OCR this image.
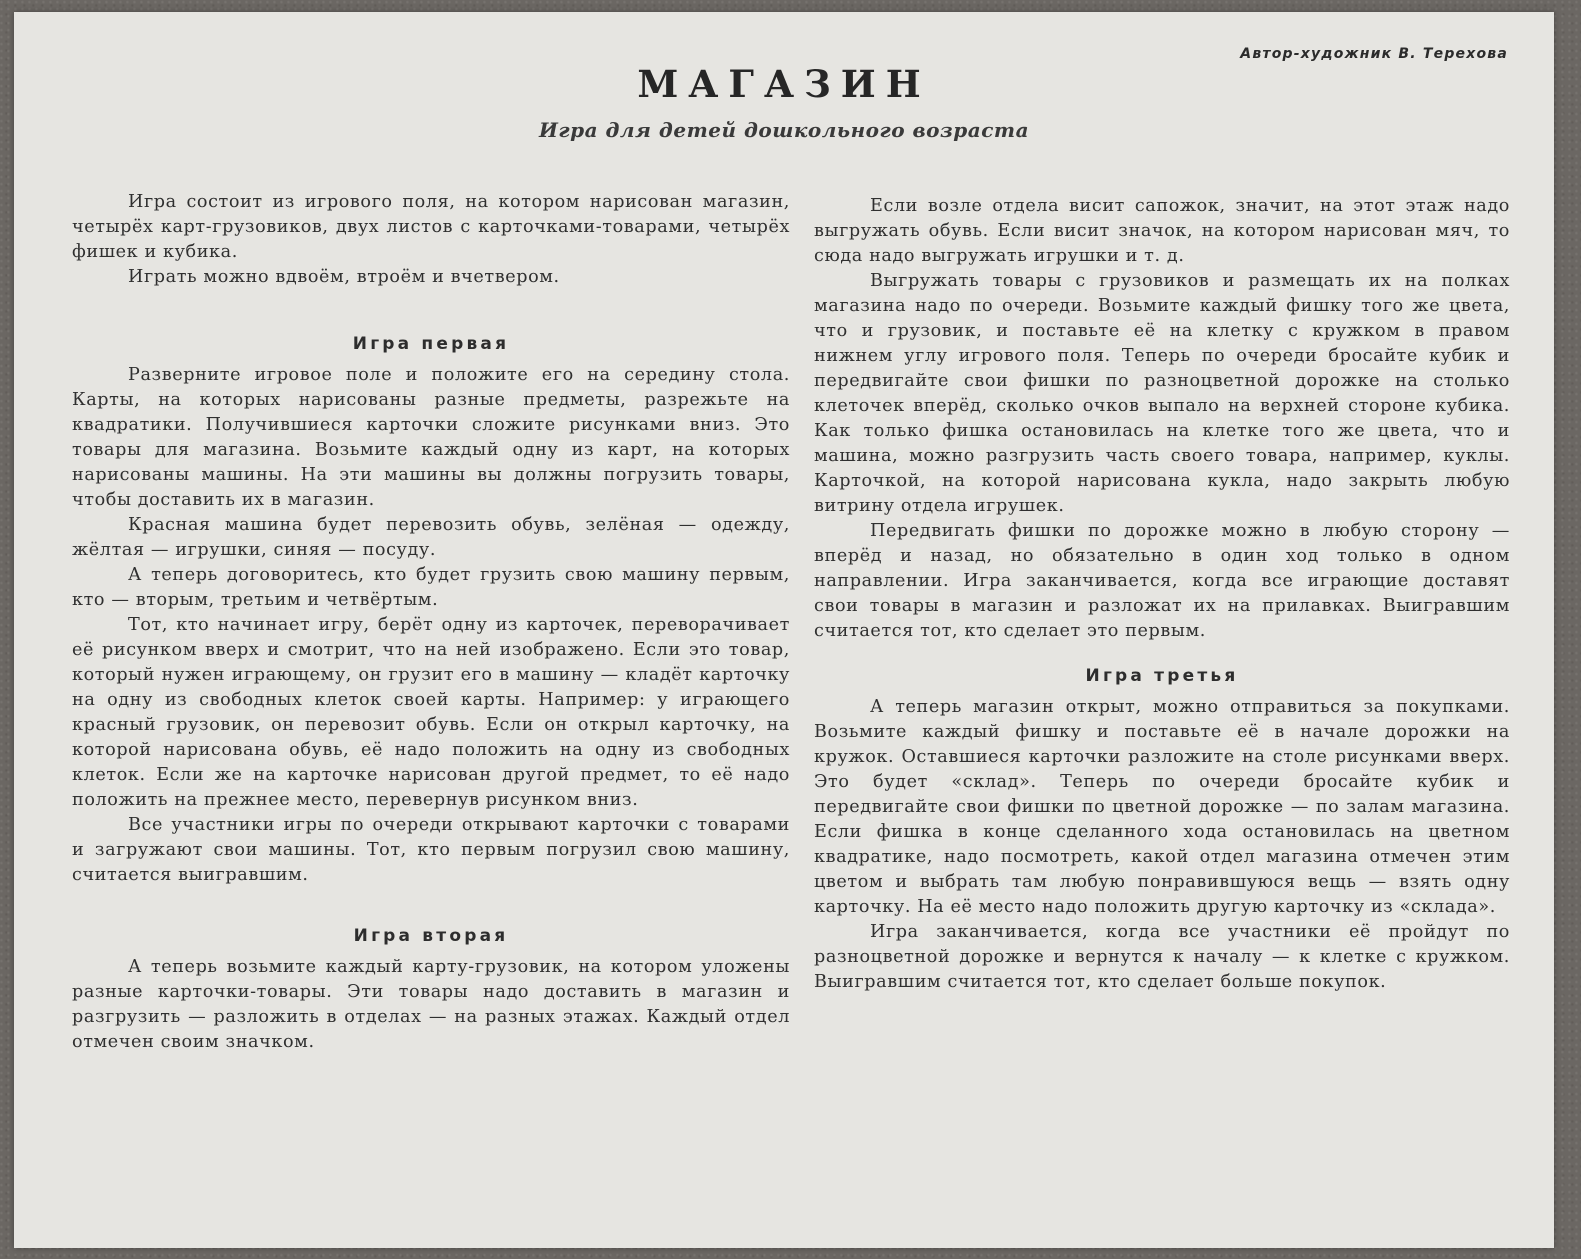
Автор-художник В. Терехова
МАГАЗИН
Игра для детей дошкольного возраста

Игра состоит из игрового поля, на котором нарисован магазин, четырёх карт-грузовиков, двух листов с карточками-товарами, четырёх фишек и кубика.

Играть можно вдвоём, втроём и вчетвером.

Игра первая

Разверните игровое поле и положите его на середину стола. Карты, на которых нарисованы разные предметы, разрежьте на квадратики. Получившиеся карточки сложите рисунками вниз. Это товары для магазина. Возьмите каждый одну из карт, на которых нарисованы машины. На эти машины вы должны погрузить товары, чтобы доставить их в магазин.

Красная машина будет перевозить обувь, зелёная — одежду, жёлтая — игрушки, синяя — посуду.

А теперь договоритесь, кто будет грузить свою машину первым, кто — вторым, третьим и четвёртым.

Тот, кто начинает игру, берёт одну из карточек, переворачивает её рисунком вверх и смотрит, что на ней изображено. Если это товар, который нужен играющему, он грузит его в машину — кладёт карточку на одну из свободных клеток своей карты. Например: у играющего красный грузовик, он перевозит обувь. Если он открыл карточку, на которой нарисована обувь, её надо положить на одну из свободных клеток. Если же на карточке нарисован другой предмет, то её надо положить на прежнее место, перевернув рисунком вниз.

Все участники игры по очереди открывают карточки с товарами и загружают свои машины. Тот, кто первым погрузил свою машину, считается выигравшим.

Игра вторая

А теперь возьмите каждый карту-грузовик, на котором уложены разные карточки-товары. Эти товары надо доставить в магазин и разгрузить — разложить в отделах — на разных этажах. Каждый отдел отмечен своим значком.

Если возле отдела висит сапожок, значит, на этот этаж надо выгружать обувь. Если висит значок, на котором нарисован мяч, то сюда надо выгружать игрушки и т. д.

Выгружать товары с грузовиков и размещать их на полках магазина надо по очереди. Возьмите каждый фишку того же цвета, что и грузовик, и поставьте её на клетку с кружком в правом нижнем углу игрового поля. Теперь по очереди бросайте кубик и передвигайте свои фишки по разноцветной дорожке на столько клеточек вперёд, сколько очков выпало на верхней стороне кубика. Как только фишка остановилась на клетке того же цвета, что и машина, можно разгрузить часть своего товара, например, куклы. Карточкой, на которой нарисована кукла, надо закрыть любую витрину отдела игрушек.

Передвигать фишки по дорожке можно в любую сторону — вперёд и назад, но обязательно в один ход только в одном направлении. Игра заканчивается, когда все играющие доставят свои товары в магазин и разложат их на прилавках. Выигравшим считается тот, кто сделает это первым.

Игра третья

А теперь магазин открыт, можно отправиться за покупками. Возьмите каждый фишку и поставьте её в начале дорожки на кружок. Оставшиеся карточки разложите на столе рисунками вверх. Это будет «склад». Теперь по очереди бросайте кубик и передвигайте свои фишки по цветной дорожке — по залам магазина. Если фишка в конце сделанного хода остановилась на цветном квадратике, надо посмотреть, какой отдел магазина отмечен этим цветом и выбрать там любую понравившуюся вещь — взять одну карточку. На её место надо положить другую карточку из «склада».

Игра заканчивается, когда все участники её пройдут по разноцветной дорожке и вернутся к началу — к клетке с кружком. Выигравшим считается тот, кто сделает больше покупок.
